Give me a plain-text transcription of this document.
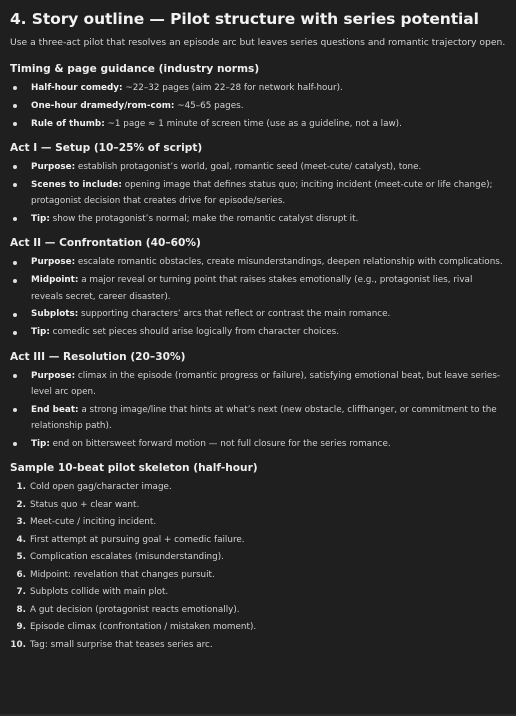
4. Story outline — Pilot structure with series potential

Use a three-act pilot that resolves an episode arc but leaves series questions and romantic trajectory open.

Timing & page guidance (industry norms)
Half-hour comedy: ~22–32 pages (aim 22–28 for network half-hour).
One-hour dramedy/rom-com: ~45–65 pages.
Rule of thumb: ~1 page ≈ 1 minute of screen time (use as a guideline, not a law).
Act I — Setup (10–25% of script)
Purpose: establish protagonist’s world, goal, romantic seed (meet-cute/ catalyst), tone.
Scenes to include: opening image that defines status quo; inciting incident (meet-cute or life change); protagonist decision that creates drive for episode/series.
Tip: show the protagonist’s normal; make the romantic catalyst disrupt it.
Act II — Confrontation (40–60%)
Purpose: escalate romantic obstacles, create misunderstandings, deepen relationship with complications.
Midpoint: a major reveal or turning point that raises stakes emotionally (e.g., protagonist lies, rival reveals secret, career disaster).
Subplots: supporting characters’ arcs that reflect or contrast the main romance.
Tip: comedic set pieces should arise logically from character choices.
Act III — Resolution (20–30%)
Purpose: climax in the episode (romantic progress or failure), satisfying emotional beat, but leave series-level arc open.
End beat: a strong image/line that hints at what’s next (new obstacle, cliffhanger, or commitment to the relationship path).
Tip: end on bittersweet forward motion — not full closure for the series romance.
Sample 10-beat pilot skeleton (half-hour)
1. Cold open gag/character image.
2. Status quo + clear want.
3. Meet-cute / inciting incident.
4. First attempt at pursuing goal + comedic failure.
5. Complication escalates (misunderstanding).
6. Midpoint: revelation that changes pursuit.
7. Subplots collide with main plot.
8. A gut decision (protagonist reacts emotionally).
9. Episode climax (confrontation / mistaken moment).
10. Tag: small surprise that teases series arc.
